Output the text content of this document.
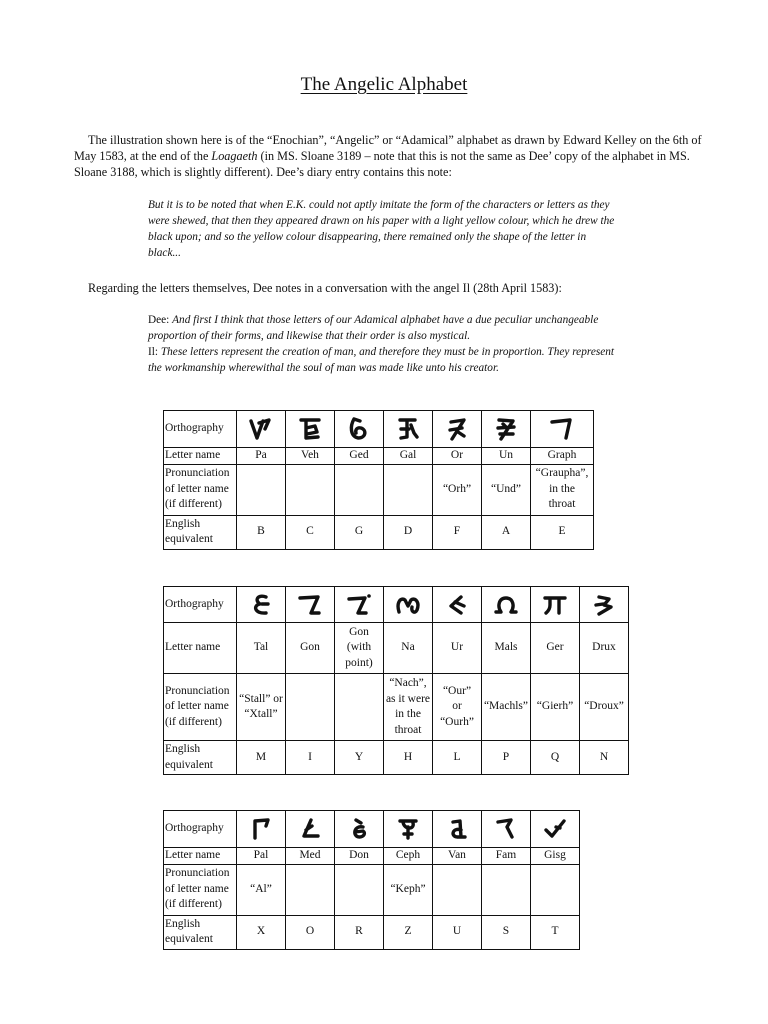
The Angelic Alphabet

The illustration shown here is of the “Enochian”, “Angelic” or “Adamical” alphabet as drawn by Edward Kelley on the 6th of May 1583, at the end of the Loagaeth (in MS. Sloane 3189 – note that this is not the same as Dee’ copy of the alphabet in MS. Sloane 3188, which is slightly different). Dee’s diary entry contains this note:

But it is to be noted that when E.K. could not aptly imitate the form of the characters or letters as they were shewed, that then they appeared drawn on his paper with a light yellow colour, which he drew the black upon; and so the yellow colour disappearing, there remained only the shape of the letter in black...

Regarding the letters themselves, Dee notes in a conversation with the angel Il (28th April 1583):

Dee: And first I think that those letters of our Adamical alphabet have a due peculiar unchangeable proportion of their forms, and likewise that their order is also mystical.
Il: These letters represent the creation of man, and therefore they must be in proportion. They represent the workmanship wherewithal the soul of man was made like unto his creator.

Orthography	

Letter name	Pa	Veh	Ged	Gal	Or	Un	Graph
Pronunciation
of letter name
(if different)					“Orh”	“Und”	“Graupha”,
in the
throat
English
equivalent	B	C	G	D	F	A	E
Orthography	

Letter name	Tal	Gon	Gon
(with
point)	Na	Ur	Mals	Ger	Drux
Pronunciation
of letter name
(if different)	“Stall” or
“Xtall”			“Nach”,
as it were
in the
throat	“Our”
or
“Ourh”	“Machls”	“Gierh”	“Droux”
English
equivalent	M	I	Y	H	L	P	Q	N
Orthography	

Letter name	Pal	Med	Don	Ceph	Van	Fam	Gisg
Pronunciation
of letter name
(if different)	“Al”			“Keph”			
English
equivalent	X	O	R	Z	U	S	T
